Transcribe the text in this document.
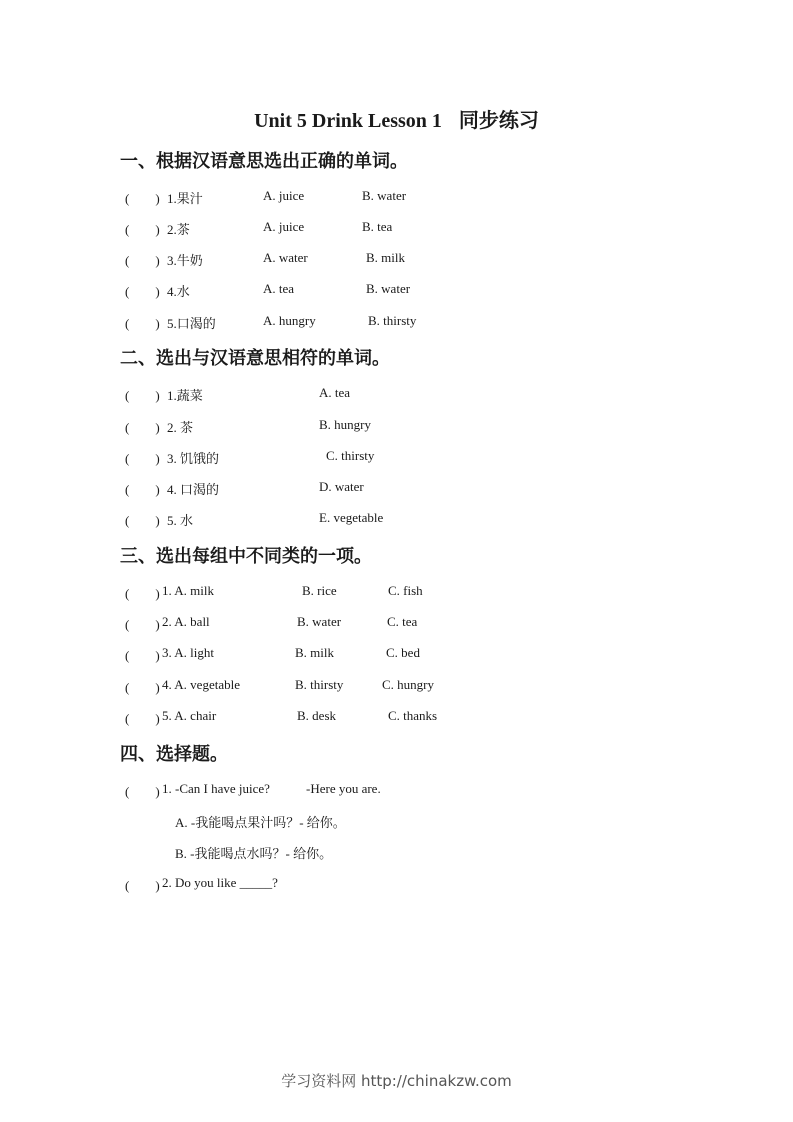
Unit 5 Drink Lesson 1 同步练习
一、根据汉语意思选出正确的单词。
(　　) 1.果汁	A. juice	B. water
(　　) 2.茶	A. juice	B. tea
(　　) 3.牛奶	A. water	B. milk
(　　) 4.水	A. tea	B. water
(　　) 5.口渴的	A. hungry	B. thirsty
二、选出与汉语意思相符的单词。
(　　) 1.蔬菜	A. tea
(　　) 2. 茶	B. hungry
(　　) 3. 饥饿的	C. thirsty
(　　) 4. 口渴的	D. water
(　　) 5. 水	E. vegetable
三、选出每组中不同类的一项。
(　　) 1. A. milk	B. rice	C. fish
(　　) 2. A. ball	B. water	C. tea
(　　) 3. A. light	B. milk	C. bed
(　　) 4. A. vegetable	B. thirsty	C. hungry
(　　) 5. A. chair	B. desk	C. thanks
四、选择题。
(　　) 1. -Can I have juice?	-Here you are.
A. -我能喝点果汁吗？- 给你。
B. -我能喝点水吗？- 给你。
(　　) 2. Do you like _____?
学习资料网 http://chinakzw.com
